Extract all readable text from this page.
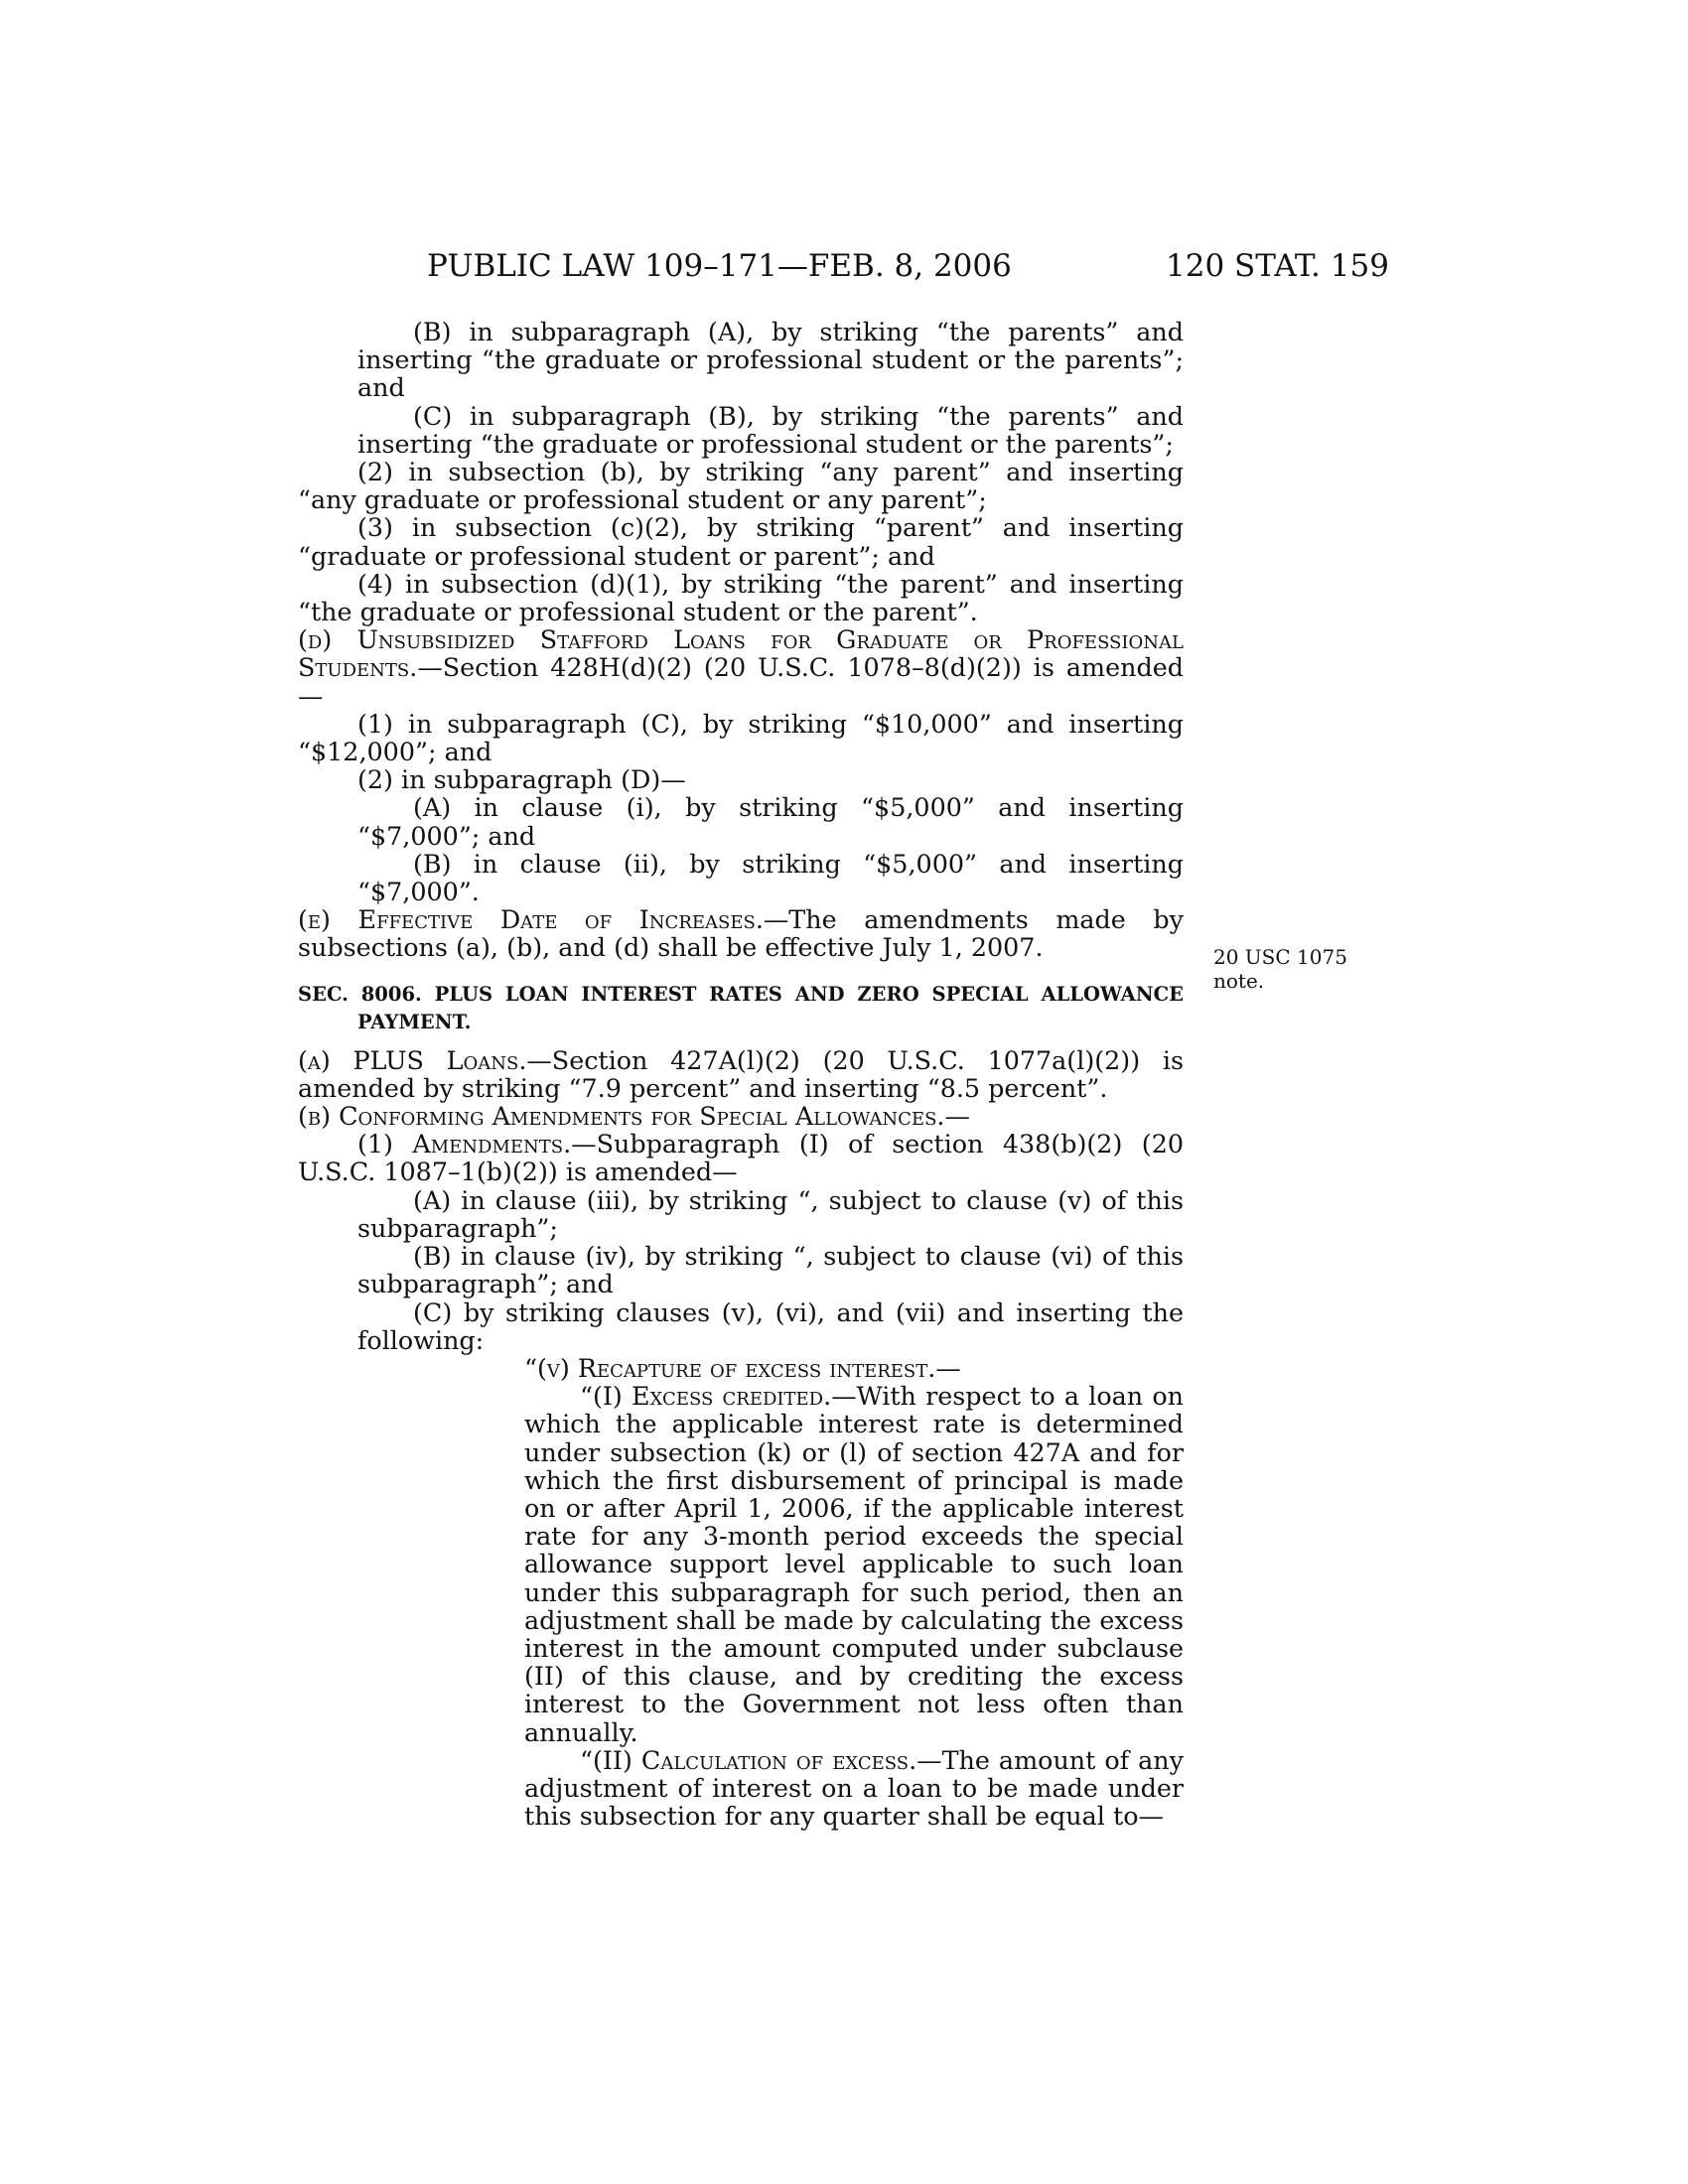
PUBLIC LAW 109–171—FEB. 8, 2006	120 STAT. 159
20 USC 1075
note.

(B) in subparagraph (A), by striking “the parents” and inserting “the graduate or professional student or the parents”; and

(C) in subparagraph (B), by striking “the parents” and inserting “the graduate or professional student or the parents”;

(2) in subsection (b), by striking “any parent” and inserting “any graduate or professional student or any parent”;

(3) in subsection (c)(2), by striking “parent” and inserting “graduate or professional student or parent”; and

(4) in subsection (d)(1), by striking “the parent” and inserting “the graduate or professional student or the parent”.

(d) Unsubsidized Stafford Loans for Graduate or Professional Students.—Section 428H(d)(2) (20 U.S.C. 1078–8(d)(2)) is amended—

(1) in subparagraph (C), by striking “$10,000” and inserting “$12,000”; and

(2) in subparagraph (D)—

(A) in clause (i), by striking “$5,000” and inserting “$7,000”; and

(B) in clause (ii), by striking “$5,000” and inserting “$7,000”.

(e) Effective Date of Increases.—The amendments made by subsections (a), (b), and (d) shall be effective July 1, 2007.

SEC. 8006. PLUS LOAN INTEREST RATES AND ZERO SPECIAL ALLOWANCE PAYMENT.

(a) PLUS Loans.—Section 427A(l)(2) (20 U.S.C. 1077a(l)(2)) is amended by striking “7.9 percent” and inserting “8.5 percent”.

(b) Conforming Amendments for Special Allowances.—

(1) Amendments.—Subparagraph (I) of section 438(b)(2) (20 U.S.C. 1087–1(b)(2)) is amended—

(A) in clause (iii), by striking “, subject to clause (v) of this subparagraph”;

(B) in clause (iv), by striking “, subject to clause (vi) of this subparagraph”; and

(C) by striking clauses (v), (vi), and (vii) and inserting the following:

“(v) Recapture of excess interest.—

“(I) Excess credited.—With respect to a loan on which the applicable interest rate is determined under subsection (k) or (l) of section 427A and for which the first disbursement of principal is made on or after April 1, 2006, if the applicable interest rate for any 3-month period exceeds the special allowance support level applicable to such loan under this subparagraph for such period, then an adjustment shall be made by calculating the excess interest in the amount computed under subclause (II) of this clause, and by crediting the excess interest to the Government not less often than annually.

“(II) Calculation of excess.—The amount of any adjustment of interest on a loan to be made under this subsection for any quarter shall be equal to—
